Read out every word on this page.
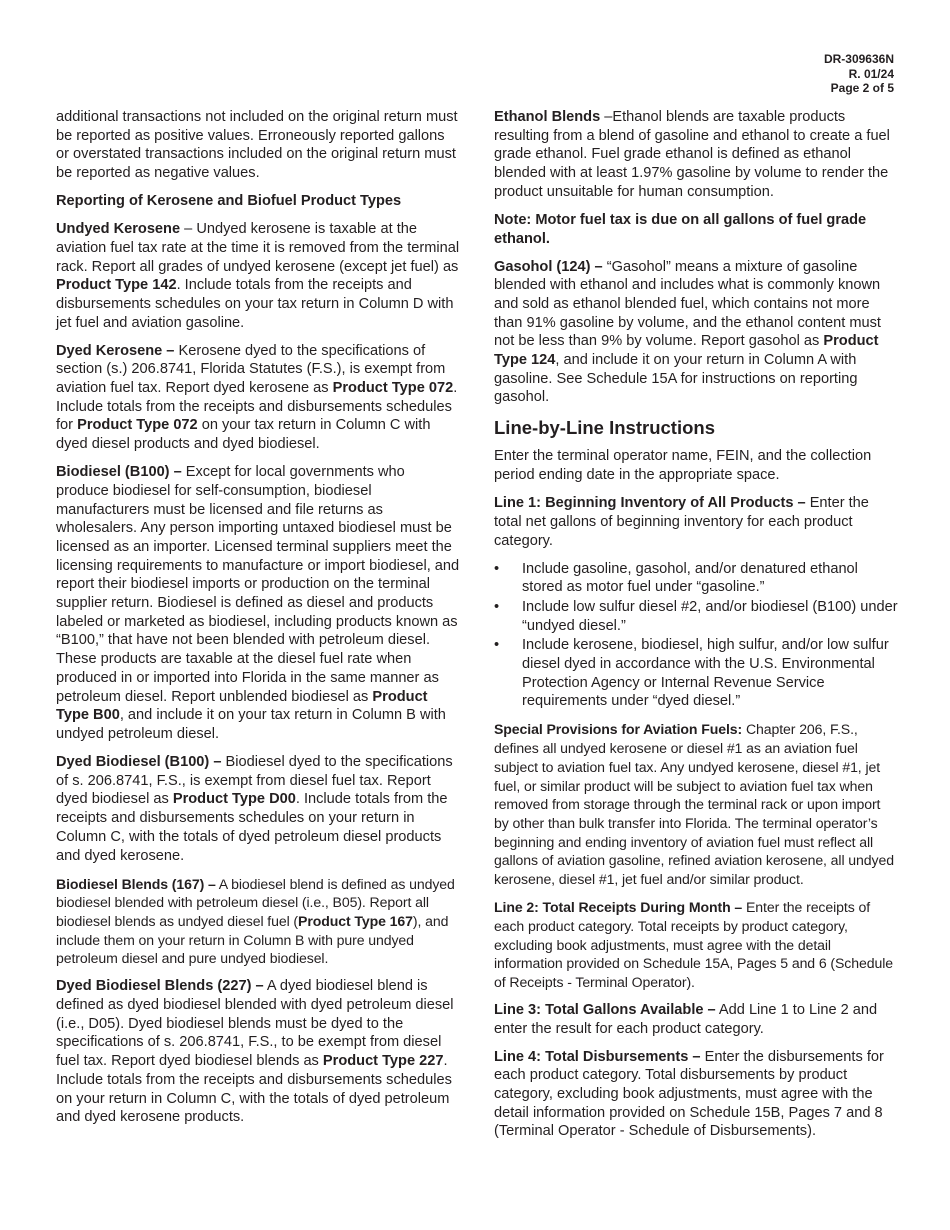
DR-309636N
R. 01/24
Page 2 of 5

additional transactions not included on the original return must be reported as positive values. Erroneously reported gallons or overstated transactions included on the original return must be reported as negative values.

Reporting of Kerosene and Biofuel Product Types

Undyed Kerosene – Undyed kerosene is taxable at the aviation fuel tax rate at the time it is removed from the terminal rack. Report all grades of undyed kerosene (except jet fuel) as Product Type 142. Include totals from the receipts and disbursements schedules on your tax return in Column D with jet fuel and aviation gasoline.

Dyed Kerosene – Kerosene dyed to the specifications of section (s.) 206.8741, Florida Statutes (F.S.), is exempt from aviation fuel tax. Report dyed kerosene as Product Type 072. Include totals from the receipts and disbursements schedules for Product Type 072 on your tax return in Column C with dyed diesel products and dyed biodiesel.

Biodiesel (B100) – Except for local governments who produce biodiesel for self-consumption, biodiesel manufacturers must be licensed and file returns as wholesalers. Any person importing untaxed biodiesel must be licensed as an importer. Licensed terminal suppliers meet the licensing requirements to manufacture or import biodiesel, and report their biodiesel imports or production on the terminal supplier return. Biodiesel is defined as diesel and products labeled or marketed as biodiesel, including products known as “B100,” that have not been blended with petroleum diesel. These products are taxable at the diesel fuel rate when produced in or imported into Florida in the same manner as petroleum diesel. Report unblended biodiesel as Product Type B00, and include it on your tax return in Column B with undyed petroleum diesel.

Dyed Biodiesel (B100) – Biodiesel dyed to the specifications of s. 206.8741, F.S., is exempt from diesel fuel tax. Report dyed biodiesel as Product Type D00. Include totals from the receipts and disbursements schedules on your return in Column C, with the totals of dyed petroleum diesel products and dyed kerosene.

Biodiesel Blends (167) – A biodiesel blend is defined as undyed biodiesel blended with petroleum diesel (i.e., B05). Report all biodiesel blends as undyed diesel fuel (Product Type 167), and include them on your return in Column B with pure undyed petroleum diesel and pure undyed biodiesel.

Dyed Biodiesel Blends (227) – A dyed biodiesel blend is defined as dyed biodiesel blended with dyed petroleum diesel (i.e., D05). Dyed biodiesel blends must be dyed to the specifications of s. 206.8741, F.S., to be exempt from diesel fuel tax. Report dyed biodiesel blends as Product Type 227. Include totals from the receipts and disbursements schedules on your return in Column C, with the totals of dyed petroleum and dyed kerosene products.

Ethanol Blends –Ethanol blends are taxable products resulting from a blend of gasoline and ethanol to create a fuel grade ethanol. Fuel grade ethanol is defined as ethanol blended with at least 1.97% gasoline by volume to render the product unsuitable for human consumption.

Note: Motor fuel tax is due on all gallons of fuel grade ethanol.

Gasohol (124) – “Gasohol” means a mixture of gasoline blended with ethanol and includes what is commonly known and sold as ethanol blended fuel, which contains not more than 91% gasoline by volume, and the ethanol content must not be less than 9% by volume. Report gasohol as Product Type 124, and include it on your return in Column A with gasoline. See Schedule 15A for instructions on reporting gasohol.

Line-by-Line Instructions

Enter the terminal operator name, FEIN, and the collection period ending date in the appropriate space.

Line 1: Beginning Inventory of All Products – Enter the total net gallons of beginning inventory for each product category.

• Include gasoline, gasohol, and/or denatured ethanol stored as motor fuel under “gasoline.”
• Include low sulfur diesel #2, and/or biodiesel (B100) under “undyed diesel.”
• Include kerosene, biodiesel, high sulfur, and/or low sulfur diesel dyed in accordance with the U.S. Environmental Protection Agency or Internal Revenue Service requirements under “dyed diesel.”

Special Provisions for Aviation Fuels: Chapter 206, F.S., defines all undyed kerosene or diesel #1 as an aviation fuel subject to aviation fuel tax. Any undyed kerosene, diesel #1, jet fuel, or similar product will be subject to aviation fuel tax when removed from storage through the terminal rack or upon import by other than bulk transfer into Florida. The terminal operator’s beginning and ending inventory of aviation fuel must reflect all gallons of aviation gasoline, refined aviation kerosene, all undyed kerosene, diesel #1, jet fuel and/or similar product.

Line 2: Total Receipts During Month – Enter the receipts of each product category. Total receipts by product category, excluding book adjustments, must agree with the detail information provided on Schedule 15A, Pages 5 and 6 (Schedule of Receipts - Terminal Operator).

Line 3: Total Gallons Available – Add Line 1 to Line 2 and enter the result for each product category.

Line 4: Total Disbursements – Enter the disbursements for each product category. Total disbursements by product category, excluding book adjustments, must agree with the detail information provided on Schedule 15B, Pages 7 and 8 (Terminal Operator - Schedule of Disbursements).
